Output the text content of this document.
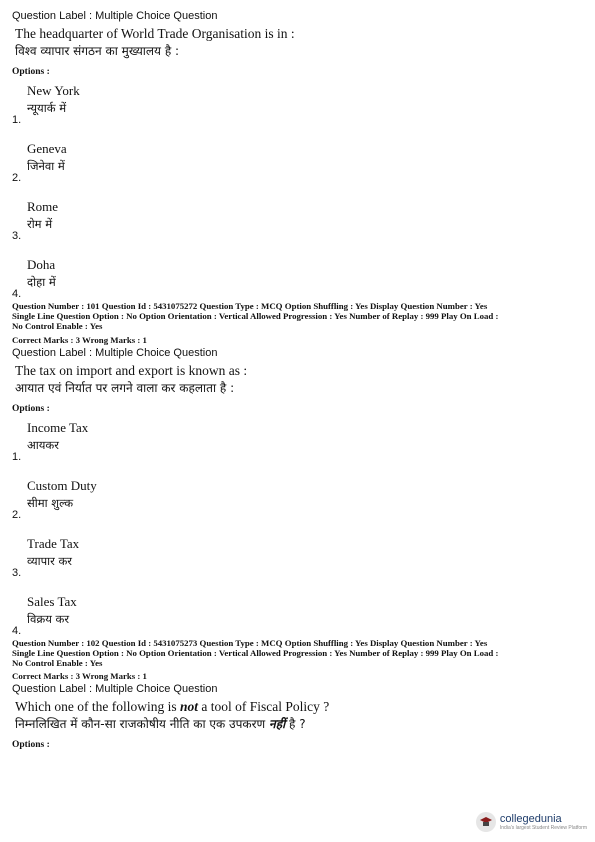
Question Label : Multiple Choice Question
The headquarter of World Trade Organisation is in :
विश्व व्यापार संगठन का मुख्यालय है :
Options :
New York
न्यूयार्क में
1.
Geneva
जिनेवा में
2.
Rome
रोम में
3.
Doha
दोहा में
4.
Question Number : 101 Question Id : 5431075272 Question Type : MCQ Option Shuffling : Yes Display Question Number : Yes
Single Line Question Option : No Option Orientation : Vertical Allowed Progression : Yes Number of Replay : 999 Play On Load :
No Control Enable : Yes
Correct Marks : 3 Wrong Marks : 1
Question Label : Multiple Choice Question
The tax on import and export is known as :
आयात एवं निर्यात पर लगने वाला कर कहलाता है :
Options :
Income Tax
आयकर
1.
Custom Duty
सीमा शुल्क
2.
Trade Tax
व्यापार कर
3.
Sales Tax
विक्रय कर
4.
Question Number : 102 Question Id : 5431075273 Question Type : MCQ Option Shuffling : Yes Display Question Number : Yes
Single Line Question Option : No Option Orientation : Vertical Allowed Progression : Yes Number of Replay : 999 Play On Load :
No Control Enable : Yes
Correct Marks : 3 Wrong Marks : 1
Question Label : Multiple Choice Question
Which one of the following is not a tool of Fiscal Policy ?
निम्नलिखित में कौन-सा राजकोषीय नीति का एक उपकरण नहीं है ?
Options :
collegedunia
India's largest Student Review Platform
